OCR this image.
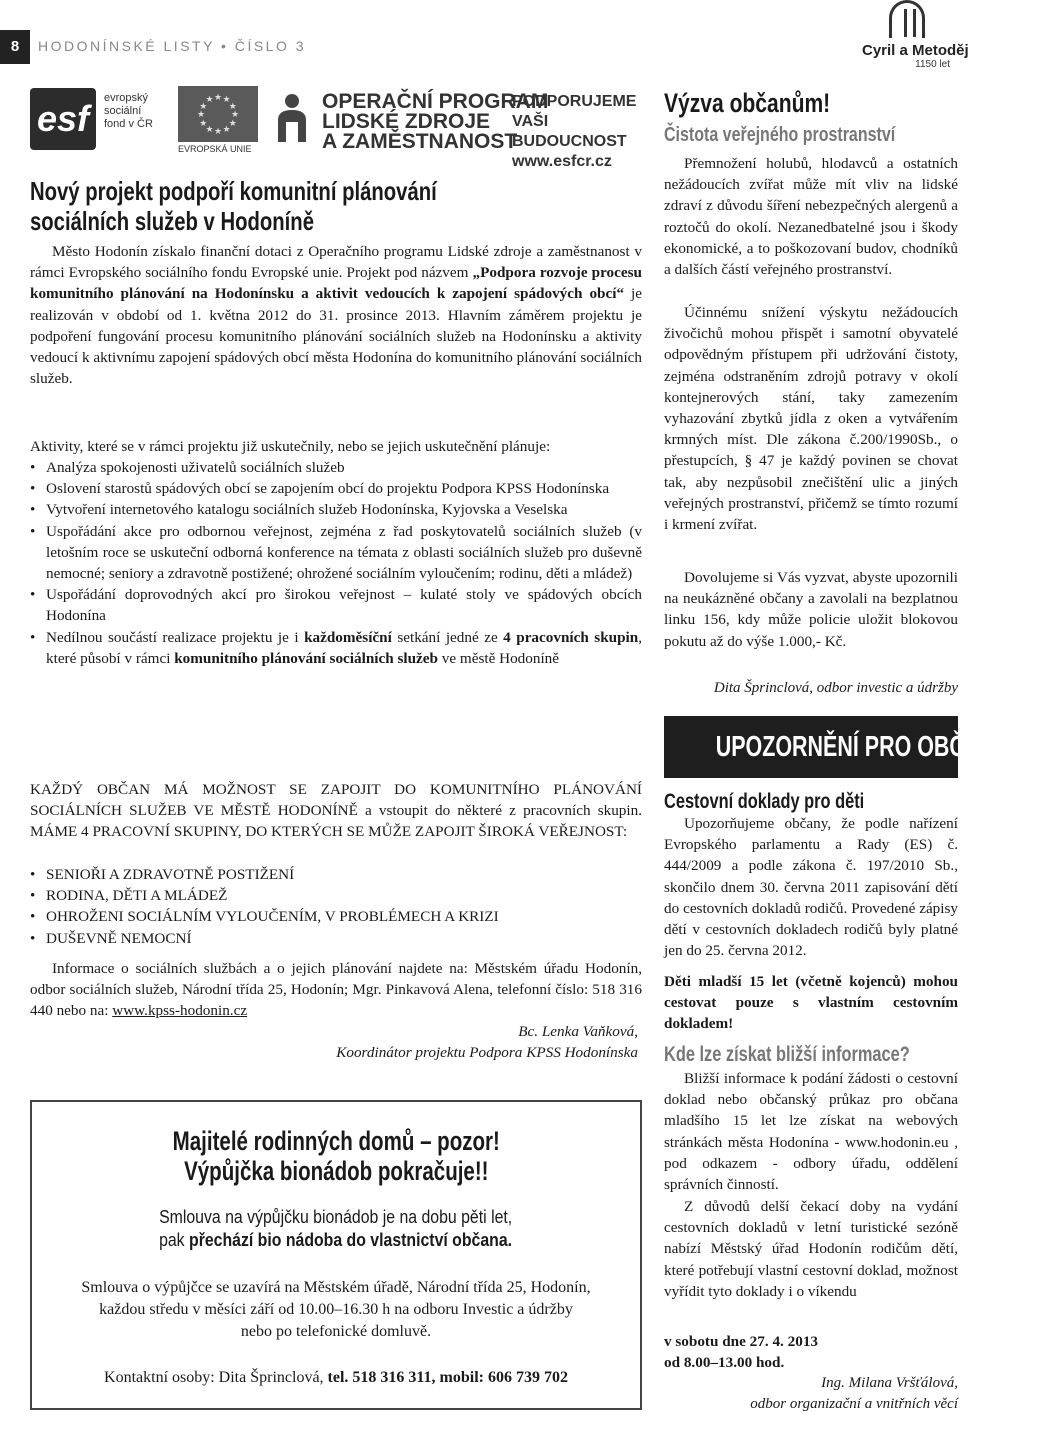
8	HODONÍNSKÉ LISTY • ČÍSLO 3	Cyril a Metoděj
1150 let
esf	evropský
sociální
fond v ČR
★
★
★
★
★
★
★
★
★ ★ ★
★
EVROPSKÁ UNIE
OPERAČNÍ PROGRAM
LIDSKÉ ZDROJE
A ZAMĚSTNANOST
PODPORUJEME
VAŠI BUDOUCNOST
www.esfcr.cz
Nový projekt podpoří komunitní plánování
sociálních služeb v Hodoníně
Město Hodonín získalo finanční dotaci z Operačního programu Lidské zdroje a zaměstnanost v rámci Evropského sociálního fondu Evropské unie. Projekt pod názvem „Podpora rozvoje procesu komunitního plánování na Hodonínsku a aktivit vedoucích k zapojení spádových obcí“ je realizován v období od 1. května 2012 do 31. prosince 2013. Hlavním záměrem projektu je podpoření fungování procesu komunitního plánování sociálních služeb na Hodonínsku a aktivity vedoucí k aktivnímu zapojení spádových obcí města Hodonína do komunitního plánování sociálních služeb.
Aktivity, které se v rámci projektu již uskutečnily, nebo se jejich uskutečnění plánuje:
• Analýza spokojenosti uživatelů sociálních služeb
• Oslovení starostů spádových obcí se zapojením obcí do projektu Podpora KPSS Hodonínska
• Vytvoření internetového katalogu sociálních služeb Hodonínska, Kyjovska a Veselska
• Uspořádání akce pro odbornou veřejnost, zejména z řad poskytovatelů sociálních služeb (v letošním roce se uskuteční odborná konference na témata z oblasti sociálních služeb pro duševně nemocné; seniory a zdravotně postižené; ohrožené sociálním vyloučením; rodinu, děti a mládež)
• Uspořádání doprovodných akcí pro širokou veřejnost – kulaté stoly ve spádových obcích Hodonína
• Nedílnou součástí realizace projektu je i každoměsíční setkání jedné ze 4 pracovních skupin, které působí v rámci komunitního plánování sociálních služeb ve městě Hodoníně
KAŽDÝ OBČAN MÁ MOŽNOST SE ZAPOJIT DO KOMUNITNÍHO PLÁNOVÁNÍ SOCIÁLNÍCH SLUŽEB VE MĚSTĚ HODONÍNĚ a vstoupit do některé z pracovních skupin. MÁME 4 PRACOVNÍ SKUPINY, DO KTERÝCH SE MŮŽE ZAPOJIT ŠIROKÁ VEŘEJNOST:
• SENIOŘI A ZDRAVOTNĚ POSTIŽENÍ
• RODINA, DĚTI A MLÁDEŽ
• OHROŽENI SOCIÁLNÍM VYLOUČENÍM, V PROBLÉMECH A KRIZI
• DUŠEVNĚ NEMOCNÍ
Informace o sociálních službách a o jejich plánování najdete na: Městském úřadu Hodonín, odbor sociálních služeb, Národní třída 25, Hodonín; Mgr. Pinkavová Alena, telefonní číslo: 518 316 440 nebo na: www.kpss-hodonin.cz
Bc. Lenka Vaňková,
Koordinátor projektu Podpora KPSS Hodonínska
Majitelé rodinných domů – pozor!
Výpůjčka bionádob pokračuje!!
Smlouva na výpůjčku bionádob je na dobu pěti let,
pak přechází bio nádoba do vlastnictví občana.
Smlouva o výpůjčce se uzavírá na Městském úřadě, Národní třída 25, Hodonín,
každou středu v měsíci září od 10.00–16.30 h na odboru Investic a údržby
nebo po telefonické domluvě.
Kontaktní osoby: Dita Šprinclová, tel. 518 316 311, mobil: 606 739 702
Výzva občanům!
Čistota veřejného prostranství
Přemnožení holubů, hlodavců a ostatních nežádoucích zvířat může mít vliv na lidské zdraví z důvodu šíření nebezpečných alergenů a roztočů do okolí. Nezanedbatelné jsou i škody ekonomické, a to poškozovaní budov, chodníků a dalších částí veřejného prostranství.
Účinnému snížení výskytu nežádoucích živočichů mohou přispět i samotní obyvatelé odpovědným přístupem při udržování čistoty, zejména odstraněním zdrojů potravy v okolí kontejnerových stání, taky zamezením vyhazování zbytků jídla z oken a vytvářením krmných míst. Dle zákona č.200/1990Sb., o přestupcích, § 47 je každý povinen se chovat tak, aby nezpůsobil znečištění ulic a jiných veřejných prostranství, přičemž se tímto rozumí i krmení zvířat.
Dovolujeme si Vás vyzvat, abyste upozornili na neukázněné občany a zavolali na bezplatnou linku 156, kdy může policie uložit blokovou pokutu až do výše 1.000,- Kč.
Dita Šprinclová, odbor investic a údržby
UPOZORNĚNÍ PRO OBČANY
Cestovní doklady pro děti
Upozorňujeme občany, že podle nařízení Evropského parlamentu a Rady (ES) č. 444/2009 a podle zákona č. 197/2010 Sb., skončilo dnem 30. června 2011 zapisování dětí do cestovních dokladů rodičů. Provedené zápisy dětí v cestovních dokladech rodičů byly platné jen do 25. června 2012.
Děti mladší 15 let (včetně kojenců) mohou cestovat pouze s vlastním cestovním dokladem!
Kde lze získat bližší informace?
Bližší informace k podání žádosti o cestovní doklad nebo občanský průkaz pro občana mladšího 15 let lze získat na webových stránkách města Hodonína - www.hodonin.eu , pod odkazem - odbory úřadu, oddělení správních činností.
Z důvodů delší čekací doby na vydání cestovních dokladů v letní turistické sezóně nabízí Městský úřad Hodonín rodičům dětí, které potřebují vlastní cestovní doklad, možnost vyřídit tyto doklady i o víkendu
v sobotu dne 27. 4. 2013
od 8.00–13.00 hod.
Ing. Milana Vršťálová,
odbor organizační a vnitřních věcí
